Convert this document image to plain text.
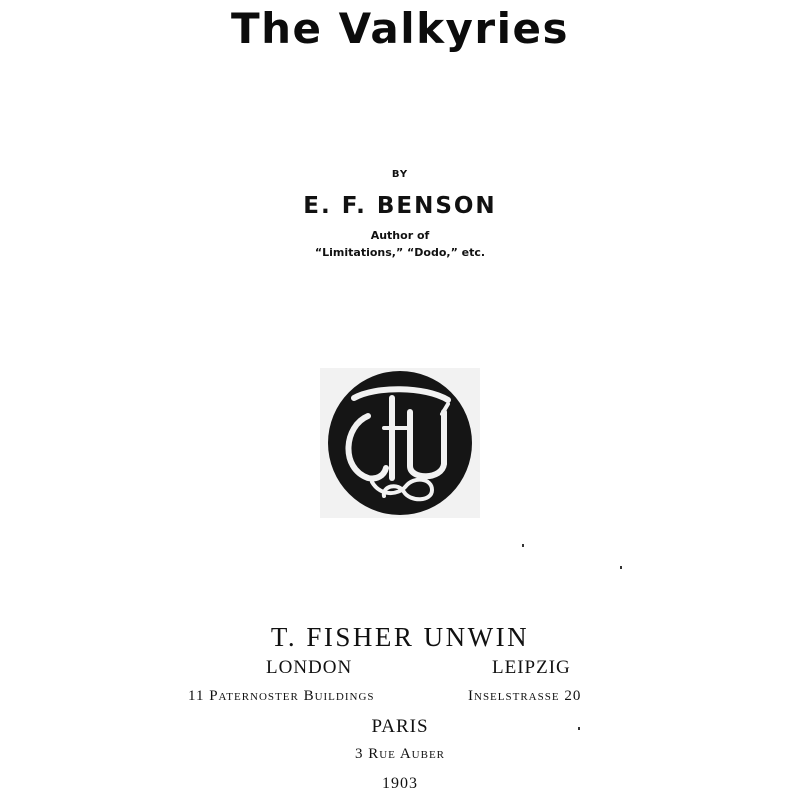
The Valkyries
BY
E. F. BENSON
Author of
“Limitations,” “Dodo,” etc.
T. FISHER UNWIN
LONDON	LEIPZIG
11 Paternoster Buildings	Inselstrasse 20
PARIS
3 Rue Auber
1903
